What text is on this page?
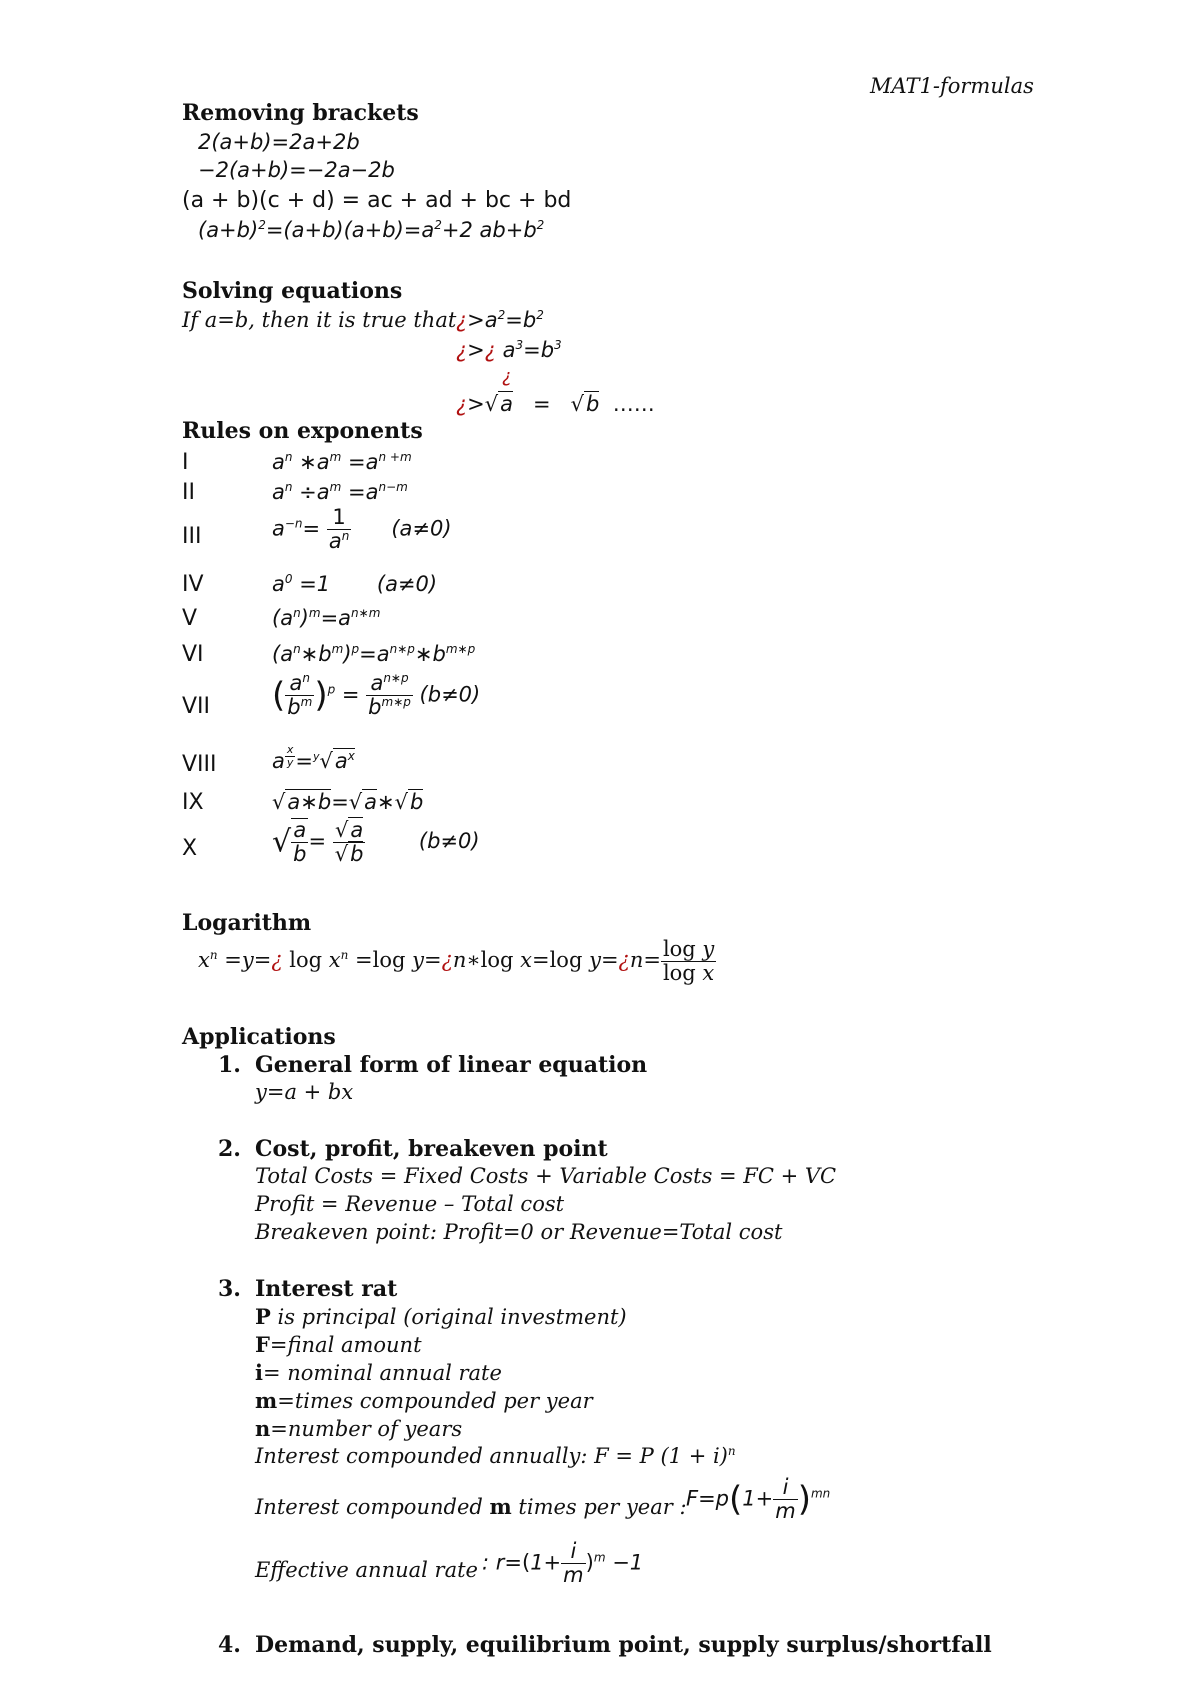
MAT1-formulas
Removing brackets
2(a+b)=2a+2b
−2(a+b)=−2a−2b
(a + b)(c + d) = ac + ad + bc + bd
$(a+b)^2=(a+b)(a+b)=a^2+2$ $ab+b^2$
Solving equations
If a=b, then it is true that ¿$>a^2=b^2$
¿>¿ $a^3=b^3$
¿
¿>√a   =   √b ……
Rules on exponents
I	$a^n$ $∗a^m =a^{n +m}$
II	$a^n \div a^m =a^{n-m}$
III	$a^{-n}= \frac{1}{a^n} (a\ne 0)$
IV	$a^0 =1$       (a≠0)
V	$(a^n)^m=a^{n∗m}$
VI	$(a^n∗b^m)^p=a^{n∗p}∗b^{m∗p}$
VII ( $\frac{a^n}{b^m} )^p = \frac{a^{n∗p}}{b^{m∗p}} (b\ne 0)$
VIII	a $^{\frac{x}{y}} =^y√a^x$
IX	√a∗b=√a∗√b
X √ $\frac{a}{b} = \frac{√a}{√b} (b\ne 0)$
Logarithm
$x^n$ =y=¿ $\log x^n =\log$ y=¿n∗log x=log y=¿n= $\frac{\text{log y}}{\text{log x}}$
Applications
1. General form of linear equation
y=a + bx
2. Cost, profit, breakeven point
Total Costs = Fixed Costs + Variable Costs = FC + VC
Profit = Revenue – Total cost
Breakeven point: Profit=0 or Revenue=Total cost
3. Interest rat
P is principal (original investment)
F=final amount
i= nominal annual rate
m=times compounded per year
n=number of years
Interest compounded annually: F = P $(1 + i)^n$
Interest compounded m times per year : $F=p(1+ \frac{i}{m} )^{mn}$
Effective annual rate : $r=(1+ \frac{i}{m} )^m -1$
4. Demand, supply, equilibrium point, supply surplus/shortfall
